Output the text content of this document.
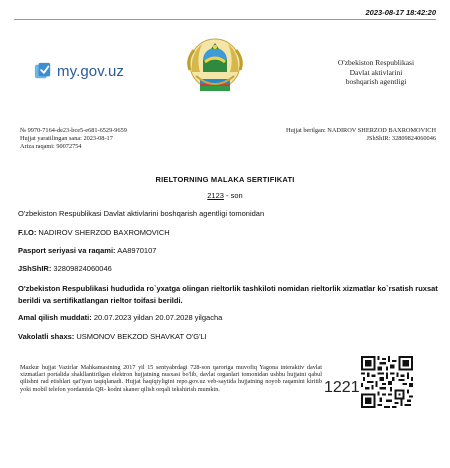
2023-08-17 18:42:20
my.gov.uz	O'zbekiston Respublikasi
Davlat aktivlarini
boshqarish agentligi
№ 9970-7164-de23-bce5-e681-6529-9659
Hujjat yaratilingan sana: 2023-08-17
Ariza raqami: 90072754
Hujjat berilgan: NADIROV SHERZOD BAXROMOVICH
JShShIR: 32809824060046
RIELTORNING MALAKA SERTIFIKATI
2123 - son
O'zbekiston Respublikasi Davlat aktivlarini boshqarish agentligi tomonidan
F.I.O: NADIROV SHERZOD BAXROMOVICH
Pasport seriyasi va raqami: AA8970107
JShShIR: 32809824060046
O'zbekiston Respublikasi hududida ro`yxatga olingan rieltorlik tashkiloti nomidan rieltorlik xizmatlar ko`rsatish ruxsat berildi va sertifikatlangan rieltor toifasi berildi.
Amal qilish muddati: 20.07.2023 yildan 20.07.2028 yilgacha
Vakolatli shaxs: USMONOV BEKZOD SHAVKAT O'G'LI
Mazkur hujjat Vazirlar Mahkamasining 2017 yil 15 sentyabrdagi 728-son qaroriga muvofiq Yagona interaktiv davlat xizmatlari portalida shakllantirilgan elektron hujjatning nusxasi bo'lib, davlat organlari tomonidan ushbu hujjatni qabul qilishni rad etishlari qat'iyan taqiqlanadi. Hujjat haqiqiyligini repo.gov.uz veb-saytida hujjatning noyob raqamini kiritib yoki mobil telefon yordamida QR- kodni skaner qilish orqali tekshirish mumkin.	1221
